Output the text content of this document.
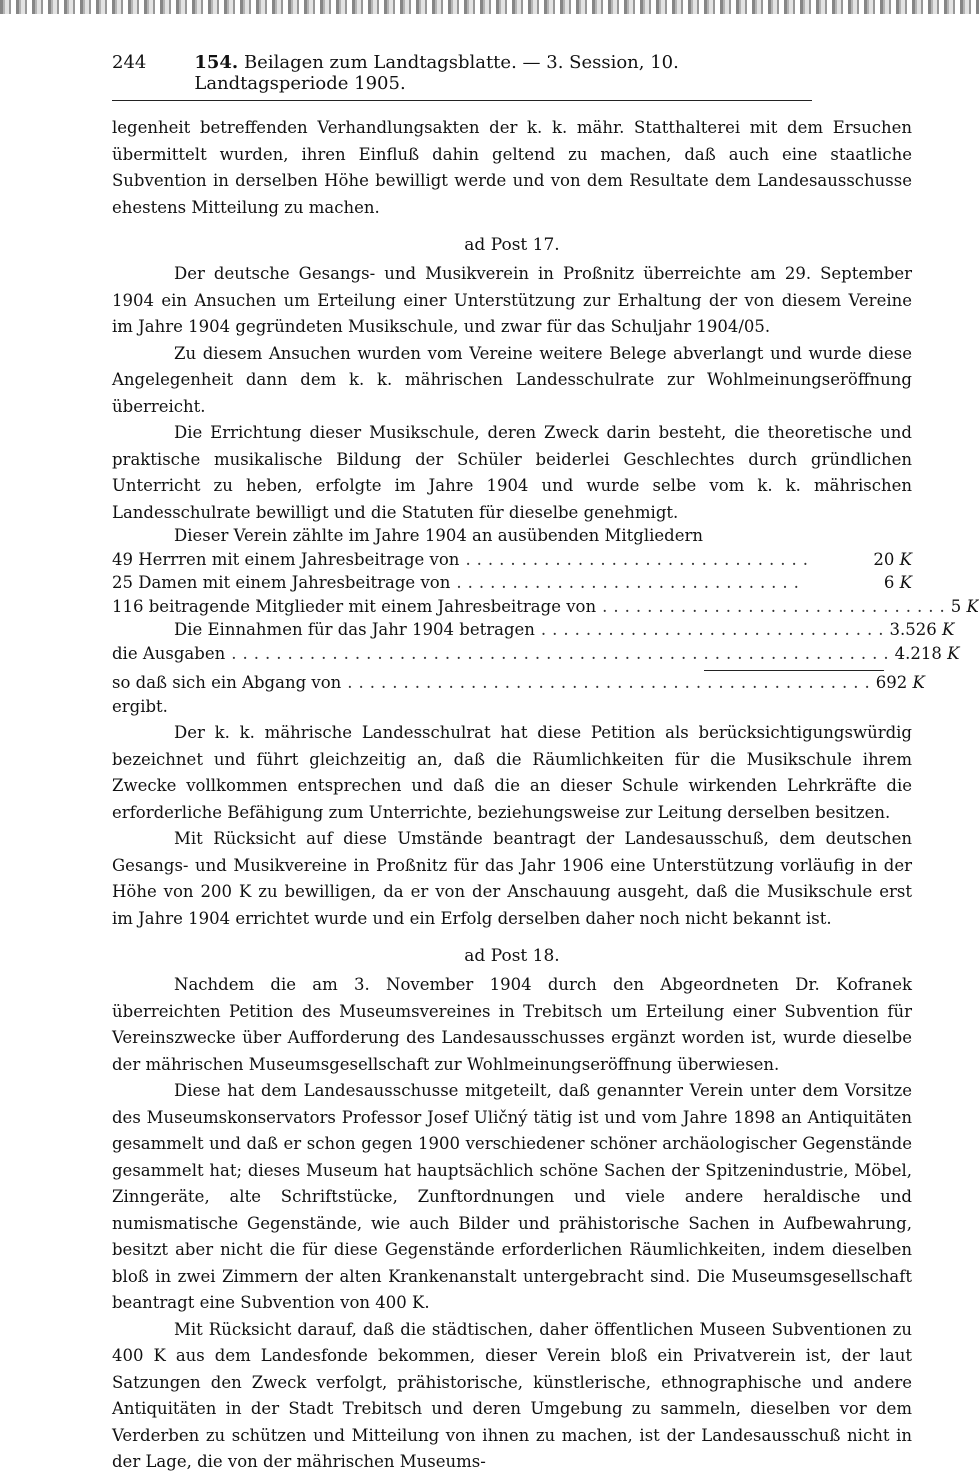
244	154. Beilagen zum Landtagsblatte. — 3. Session, 10. Landtagsperiode 1905.

legenheit betreffenden Verhandlungsakten der k. k. mähr. Statthalterei mit dem Ersuchen übermittelt wurden, ihren Einfluß dahin geltend zu machen, daß auch eine staatliche Subvention in derselben Höhe bewilligt werde und von dem Resultate dem Landesausschusse ehestens Mitteilung zu machen.

ad Post 17.

Der deutsche Gesangs- und Musikverein in Proßnitz überreichte am 29. September 1904 ein Ansuchen um Erteilung einer Unterstützung zur Erhaltung der von diesem Vereine im Jahre 1904 gegründeten Musikschule, und zwar für das Schuljahr 1904/05.

Zu diesem Ansuchen wurden vom Vereine weitere Belege abverlangt und wurde diese Angelegenheit dann dem k. k. mährischen Landesschulrate zur Wohlmeinungseröffnung überreicht.

Die Errichtung dieser Musikschule, deren Zweck darin besteht, die theoretische und praktische musikalische Bildung der Schüler beiderlei Geschlechtes durch gründlichen Unterricht zu heben, erfolgte im Jahre 1904 und wurde selbe vom k. k. mährischen Landesschulrate bewilligt und die Statuten für dieselbe genehmigt.

Dieser Verein zählte im Jahre 1904 an ausübenden Mitgliedern
49 Herrren mit einem Jahresbeitrage von ...............................	20 K
25 Damen mit einem Jahresbeitrage von ...............................	6 K
116 beitragende Mitglieder mit einem Jahresbeitrage von ............................... 5 K
Die Einnahmen für das Jahr 1904 betragen ............................... 3.526 K
die Ausgaben ........................................................... 4.218 K
so daß sich ein Abgang von ............................................... 692 K
ergibt.

Der k. k. mährische Landesschulrat hat diese Petition als berücksichtigungswürdig bezeichnet und führt gleichzeitig an, daß die Räumlichkeiten für die Musikschule ihrem Zwecke vollkommen entsprechen und daß die an dieser Schule wirkenden Lehrkräfte die erforderliche Befähigung zum Unterrichte, beziehungsweise zur Leitung derselben besitzen.

Mit Rücksicht auf diese Umstände beantragt der Landesausschuß, dem deutschen Gesangs- und Musikvereine in Proßnitz für das Jahr 1906 eine Unterstützung vorläufig in der Höhe von 200 K zu bewilligen, da er von der Anschauung ausgeht, daß die Musikschule erst im Jahre 1904 errichtet wurde und ein Erfolg derselben daher noch nicht bekannt ist.

ad Post 18.

Nachdem die am 3. November 1904 durch den Abgeordneten Dr. Kofranek überreichten Petition des Museumsvereines in Trebitsch um Erteilung einer Subvention für Vereinszwecke über Aufforderung des Landesausschusses ergänzt worden ist, wurde dieselbe der mährischen Museumsgesellschaft zur Wohlmeinungseröffnung überwiesen.

Diese hat dem Landesausschusse mitgeteilt, daß genannter Verein unter dem Vorsitze des Museumskonservators Professor Josef Uličný tätig ist und vom Jahre 1898 an Antiquitäten gesammelt und daß er schon gegen 1900 verschiedener schöner archäologischer Gegenstände gesammelt hat; dieses Museum hat hauptsächlich schöne Sachen der Spitzenindustrie, Möbel, Zinngeräte, alte Schriftstücke, Zunftordnungen und viele andere heraldische und numismatische Gegenstände, wie auch Bilder und prähistorische Sachen in Aufbewahrung, besitzt aber nicht die für diese Gegenstände erforderlichen Räumlichkeiten, indem dieselben bloß in zwei Zimmern der alten Krankenanstalt untergebracht sind. Die Museumsgesellschaft beantragt eine Subvention von 400 K.

Mit Rücksicht darauf, daß die städtischen, daher öffentlichen Museen Subventionen zu 400 K aus dem Landesfonde bekommen, dieser Verein bloß ein Privatverein ist, der laut Satzungen den Zweck verfolgt, prähistorische, künstlerische, ethnographische und andere Antiquitäten in der Stadt Trebitsch und deren Umgebung zu sammeln, dieselben vor dem Verderben zu schützen und Mitteilung von ihnen zu machen, ist der Landesausschuß nicht in der Lage, die von der mährischen Museums-
